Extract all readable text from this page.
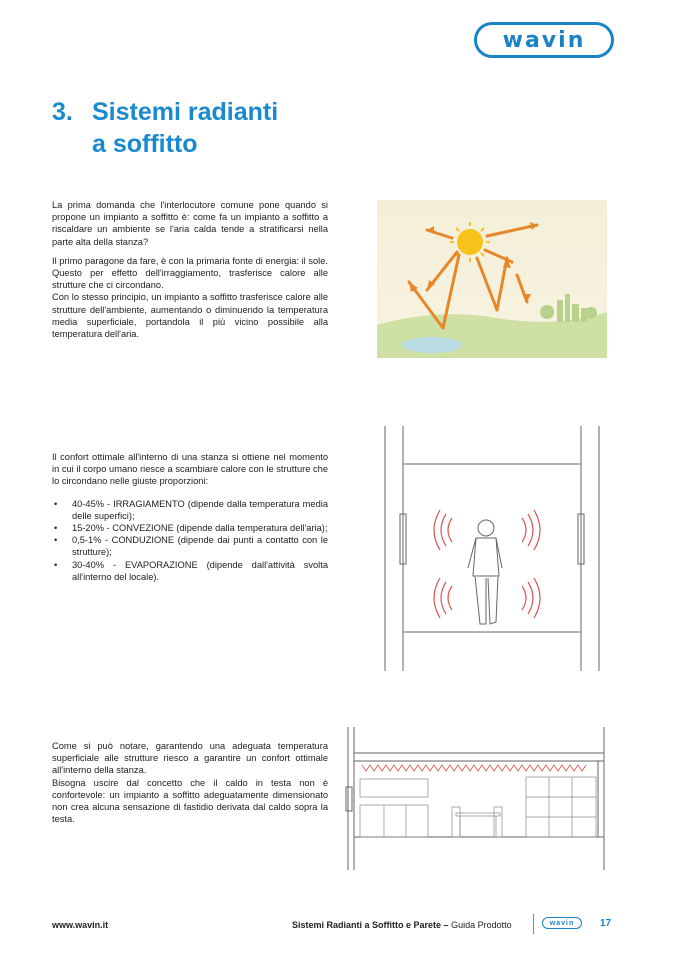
wavin
3. Sistemi radianti
a soffitto

La prima domanda che l'interlocutore comune pone quando si propone un impianto a soffitto è: come fa un impianto a soffitto a riscaldare un ambiente se l'aria calda tende a stratificarsi nella parte alta della stanza?

Il primo paragone da fare, è con la primaria fonte di energia: il sole.

Questo per effetto dell'irraggiamento, trasferisce calore alle strutture che ci circondano.

Con lo stesso principio, un impianto a soffitto trasferisce calore alle strutture dell'ambiente, aumentando o diminuendo la temperatura media superficiale, portandola il più vicino possibile alla temperatura dell'aria.

Il confort ottimale all'interno di una stanza si ottiene nel momento in cui il corpo umano riesce a scambiare calore con le strutture che lo circondano nelle giuste proporzioni:

• 40-45% - IRRAGIAMENTO (dipende dalla temperatura media delle superfici);
• 15-20% - CONVEZIONE (dipende dalla temperatura dell'aria);
• 0,5-1% - CONDUZIONE (dipende dai punti a contatto con le strutture);
• 30-40% - EVAPORAZIONE (dipende dall'attività svolta all'interno del locale).

Come si può notare, garantendo una adeguata temperatura superficiale alle strutture riesco a garantire un confort ottimale all'interno della stanza.

Bisogna uscire dal concetto che il caldo in testa non è confortevole: un impianto a soffitto adeguatamente dimensionato non crea alcuna sensazione di fastidio derivata dal caldo sopra la testa.

www.wavin.it	Sistemi Radianti a Soffitto e Parete – Guida Prodotto	wavin	17
